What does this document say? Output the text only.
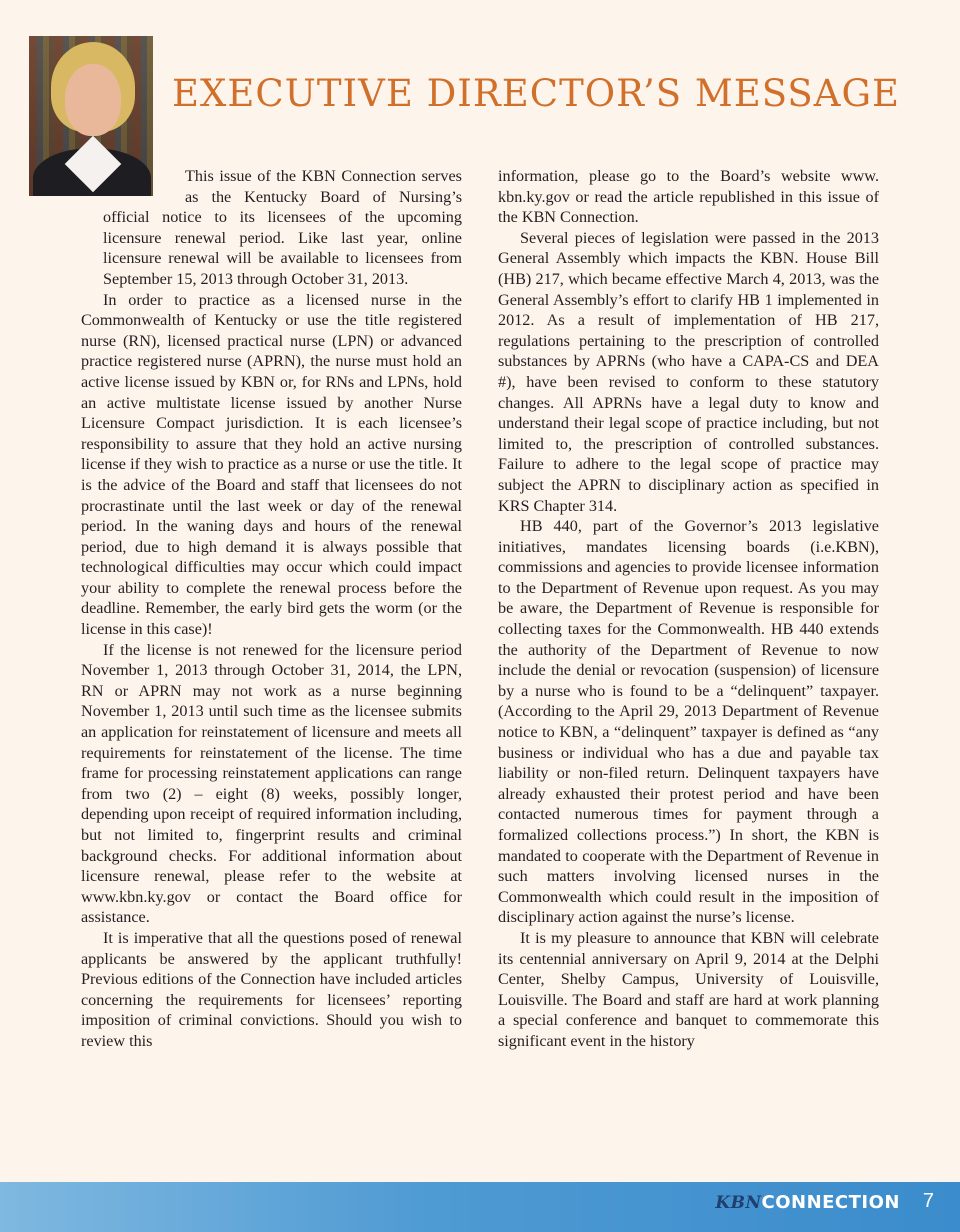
EXECUTIVE DIRECTOR’S MESSAGE

This issue of the KBN Connection serves as the Kentucky Board of Nursing’s official notice to its licensees of the upcoming licensure renewal period. Like last year, online licensure renewal will be available to licensees from September 15, 2013 through October 31, 2013.

In order to practice as a licensed nurse in the Commonwealth of Kentucky or use the title registered nurse (RN), licensed practical nurse (LPN) or advanced practice registered nurse (APRN), the nurse must hold an active license issued by KBN or, for RNs and LPNs, hold an active multistate license issued by another Nurse Licensure Compact jurisdiction. It is each licensee’s responsibility to assure that they hold an active nursing license if they wish to practice as a nurse or use the title. It is the advice of the Board and staff that licensees do not procrastinate until the last week or day of the renewal period. In the waning days and hours of the renewal period, due to high demand it is always possible that technological difficulties may occur which could impact your ability to complete the renewal process before the deadline. Remember, the early bird gets the worm (or the license in this case)!

If the license is not renewed for the licensure period November 1, 2013 through October 31, 2014, the LPN, RN or APRN may not work as a nurse beginning November 1, 2013 until such time as the licensee submits an application for reinstatement of licensure and meets all requirements for reinstatement of the license. The time frame for processing reinstatement applications can range from two (2) – eight (8) weeks, possibly longer, depending upon receipt of required information including, but not limited to, fingerprint results and criminal background checks. For additional information about licensure renewal, please refer to the website at www.kbn.ky.gov or contact the Board office for assistance.

It is imperative that all the questions posed of renewal applicants be answered by the applicant truthfully! Previous editions of the Connection have included articles concerning the requirements for licensees’ reporting imposition of criminal convictions. Should you wish to review this

information, please go to the Board’s website www. kbn.ky.gov or read the article republished in this issue of the KBN Connection.

Several pieces of legislation were passed in the 2013 General Assembly which impacts the KBN. House Bill (HB) 217, which became effective March 4, 2013, was the General Assembly’s effort to clarify HB 1 implemented in 2012. As a result of implementation of HB 217, regulations pertaining to the prescription of controlled substances by APRNs (who have a CAPA-CS and DEA #), have been revised to conform to these statutory changes. All APRNs have a legal duty to know and understand their legal scope of practice including, but not limited to, the prescription of controlled substances. Failure to adhere to the legal scope of practice may subject the APRN to disciplinary action as specified in KRS Chapter 314.

HB 440, part of the Governor’s 2013 legislative initiatives, mandates licensing boards (i.e.KBN), commissions and agencies to provide licensee information to the Department of Revenue upon request. As you may be aware, the Department of Revenue is responsible for collecting taxes for the Commonwealth. HB 440 extends the authority of the Department of Revenue to now include the denial or revocation (suspension) of licensure by a nurse who is found to be a “delinquent” taxpayer. (According to the April 29, 2013 Department of Revenue notice to KBN, a “delinquent” taxpayer is defined as “any business or individual who has a due and payable tax liability or non-filed return. Delinquent taxpayers have already exhausted their protest period and have been contacted numerous times for payment through a formalized collections process.”) In short, the KBN is mandated to cooperate with the Department of Revenue in such matters involving licensed nurses in the Commonwealth which could result in the imposition of disciplinary action against the nurse’s license.

It is my pleasure to announce that KBN will celebrate its centennial anniversary on April 9, 2014 at the Delphi Center, Shelby Campus, University of Louisville, Louisville. The Board and staff are hard at work planning a special conference and banquet to commemorate this significant event in the history

KBNCONNECTION 7
